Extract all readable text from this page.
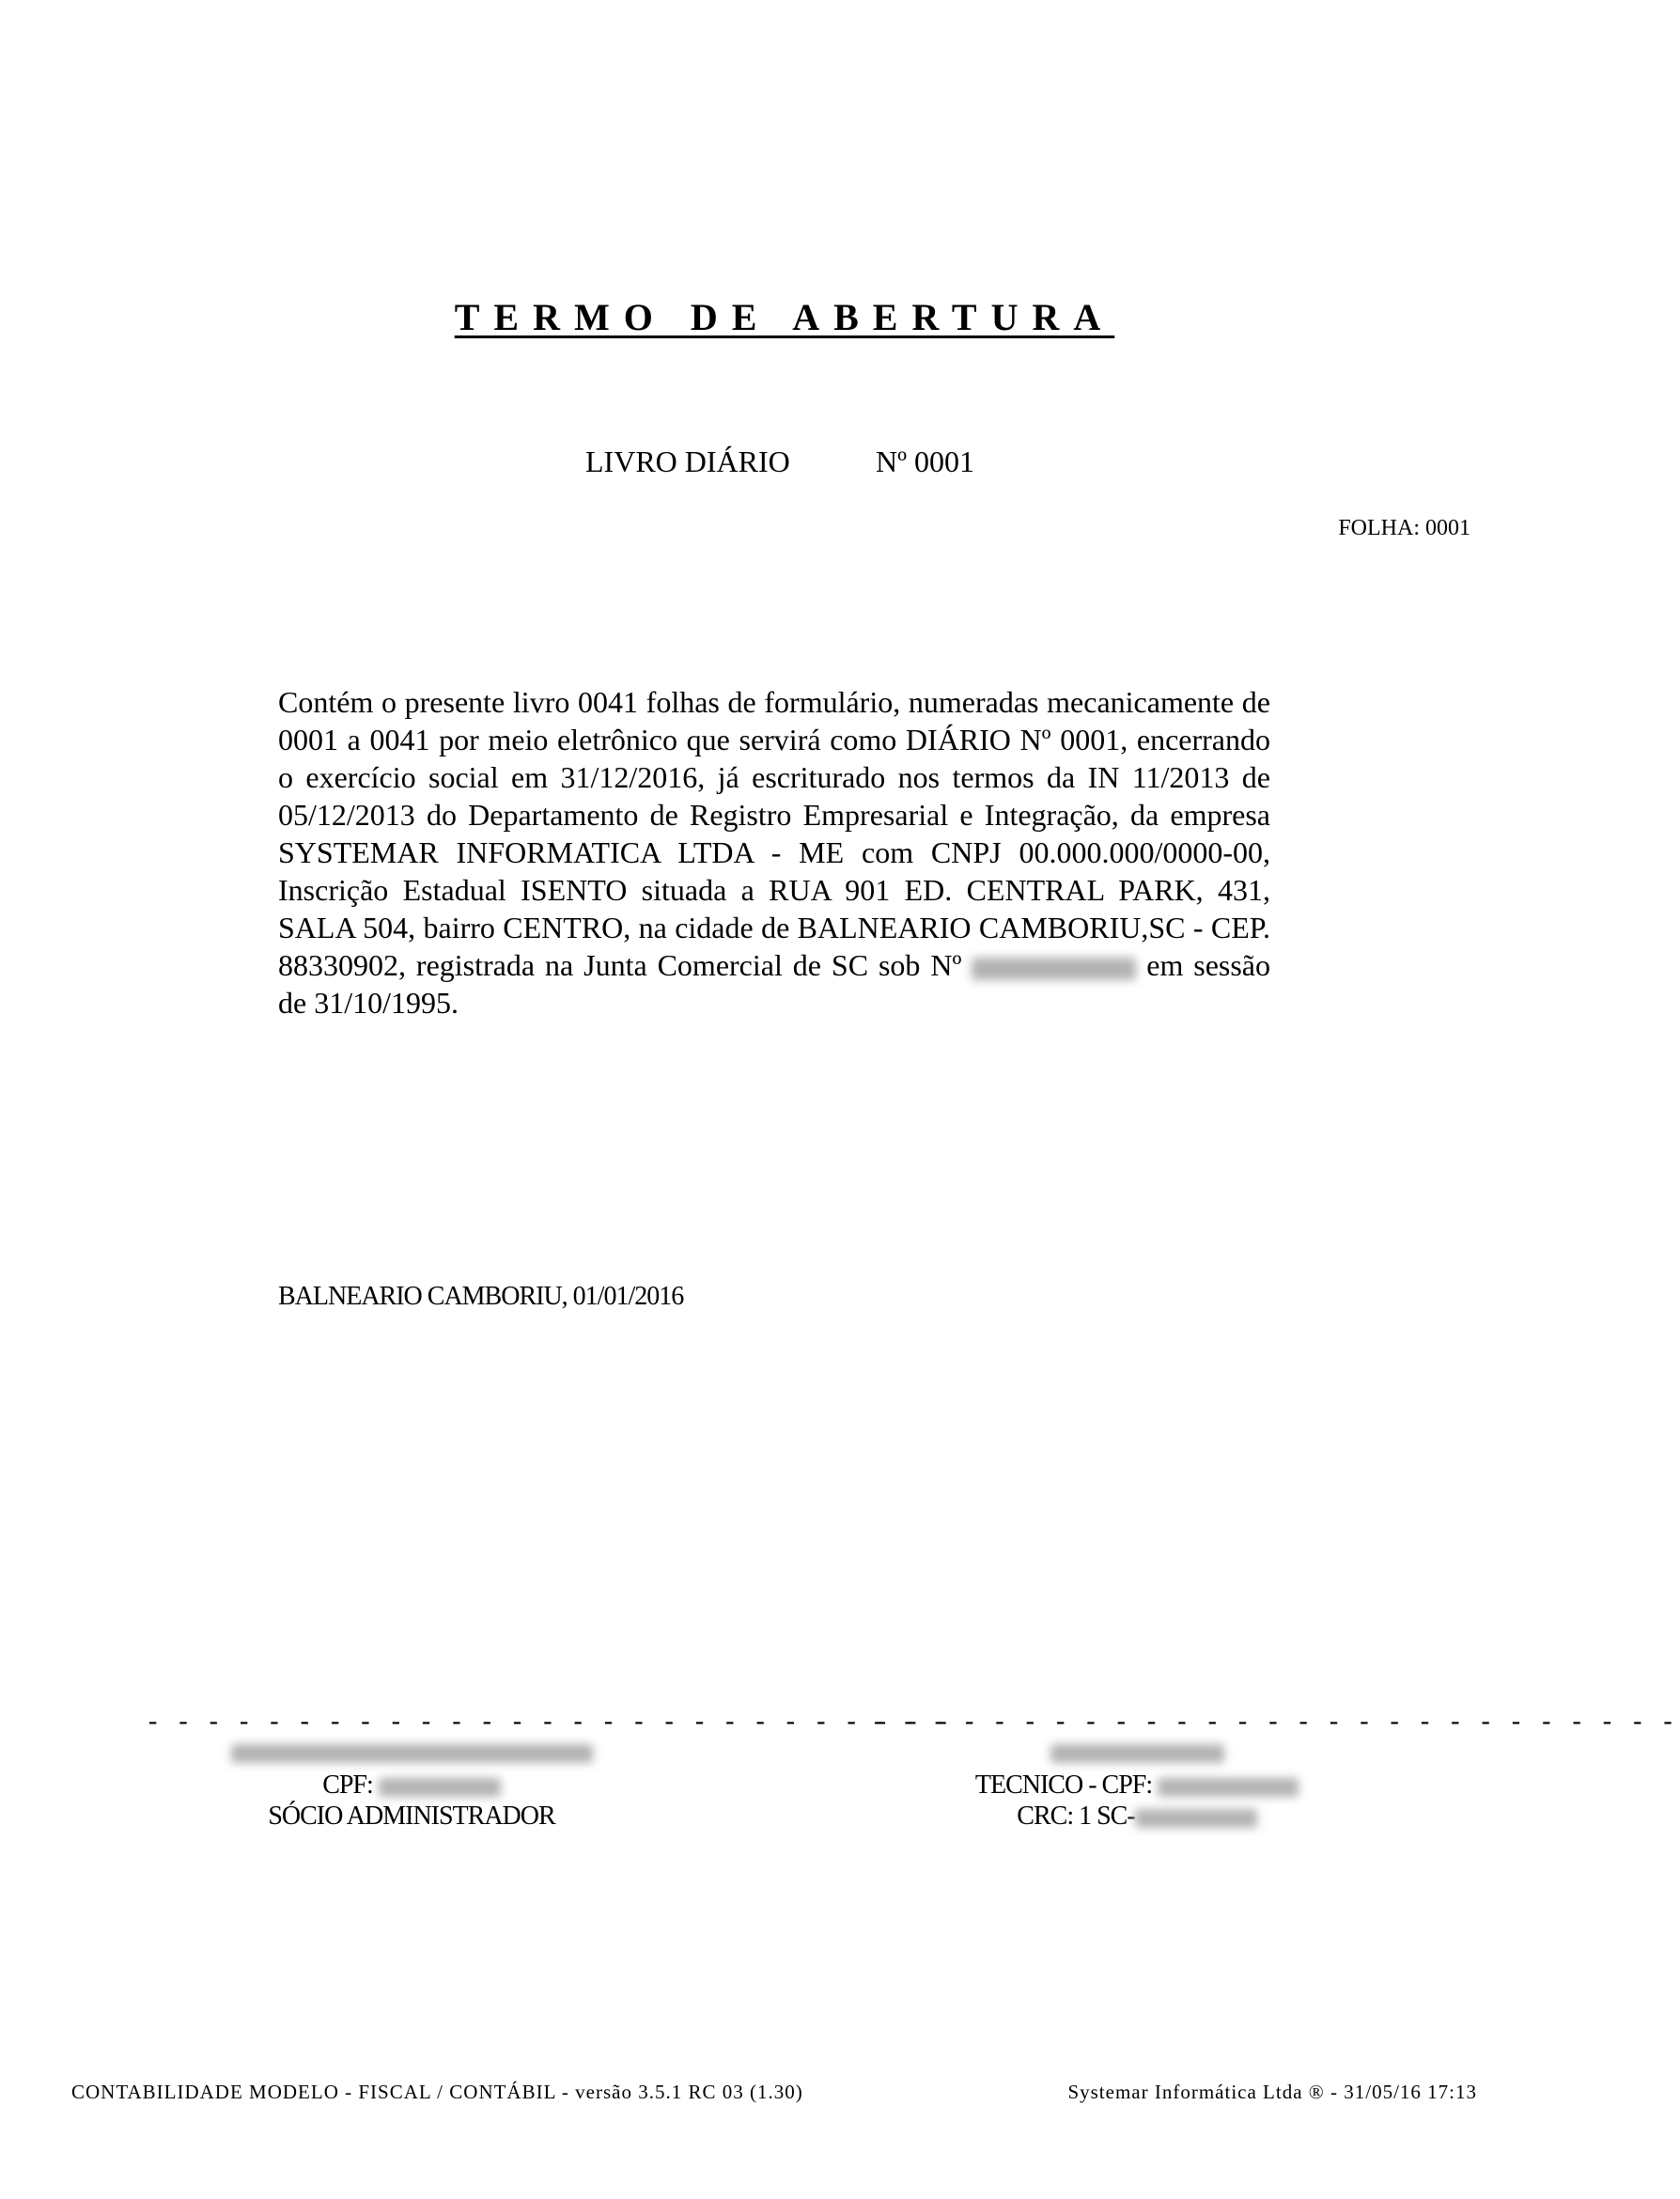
TERMO DE ABERTURA
LIVRO DIÁRIO	Nº 0001
FOLHA: 0001

Contém o presente livro 0041 folhas de formulário, numeradas mecanicamente de 0001 a 0041 por meio eletrônico que servirá como DIÁRIO Nº 0001, encerrando o exercício social em 31/12/2016, já escriturado nos termos da IN 11/2013 de 05/12/2013 do Departamento de Registro Empresarial e Integração, da empresa SYSTEMAR INFORMATICA LTDA - ME com CNPJ 00.000.000/0000-00, Inscrição Estadual ISENTO situada a RUA 901 ED. CENTRAL PARK, 431, SALA 504, bairro CENTRO, na cidade de BALNEARIO CAMBORIU,SC - CEP. 88330902, registrada na Junta Comercial de SC sob Nº	em sessão de 31/10/1995.

BALNEARIO CAMBORIU, 01/01/2016
- - - - - - - - - - - - - - - - - - - - - - - - - - -
CPF:
SÓCIO ADMINISTRADOR
- - - - - - - - - - - - - - - - - - - - - - - - - - -
TECNICO - CPF:
CRC: 1 SC-
CONTABILIDADE MODELO - FISCAL / CONTÁBIL - versão 3.5.1 RC 03 (1.30)	Systemar Informática Ltda ® - 31/05/16 17:13
